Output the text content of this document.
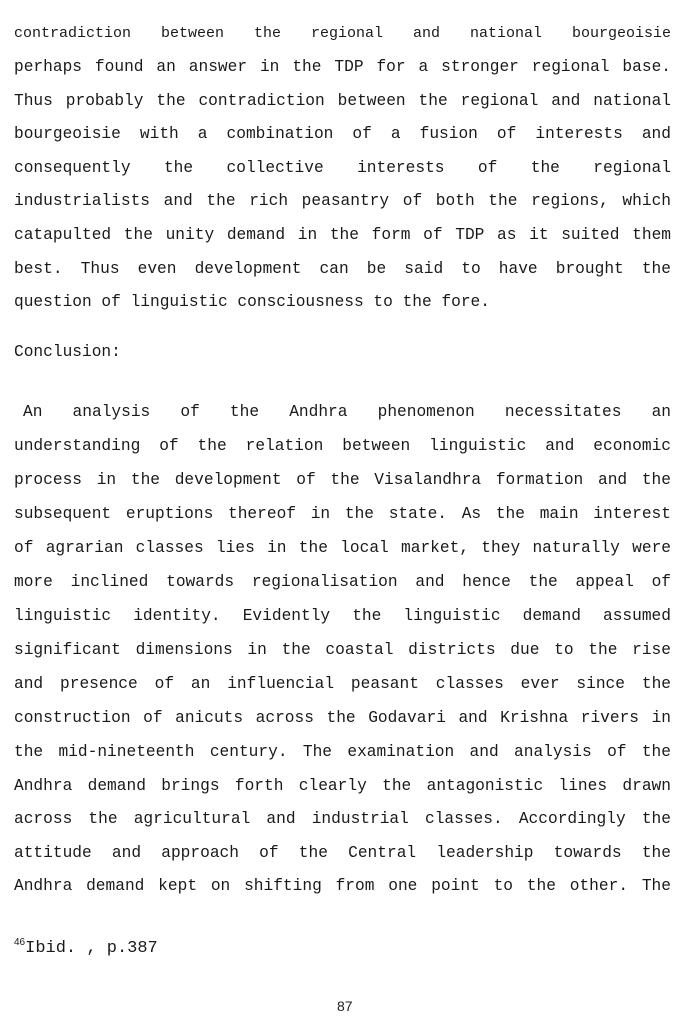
contradiction between the regional and national bourgeoisie
perhaps found an answer in the TDP for a stronger regional base.
Thus probably the contradiction between the regional and national
bourgeoisie with a combination of a fusion of interests and
consequently the collective interests of the regional
industrialists and the rich peasantry of both the regions, which
catapulted the unity demand in the form of TDP as it suited them
best. Thus even development can be said to have brought the
question of linguistic consciousness to the fore.
Conclusion:
An analysis of the Andhra phenomenon necessitates an
understanding of the relation between linguistic and economic
process in the development of the Visalandhra formation and the
subsequent eruptions thereof in the state. As the main interest
of agrarian classes lies in the local market, they naturally were
more inclined towards regionalisation and hence the appeal of
linguistic identity. Evidently the linguistic demand assumed
significant dimensions in the coastal districts due to the rise
and presence of an influencial peasant classes ever since the
construction of anicuts across the Godavari and Krishna rivers in
the mid-nineteenth century. The examination and analysis of the
Andhra demand brings forth clearly the antagonistic lines drawn
across the agricultural and industrial classes. Accordingly the
attitude and approach of the Central leadership towards the
Andhra demand kept on shifting from one point to the other. The
$^{46}$Ibid. , p.387
87
